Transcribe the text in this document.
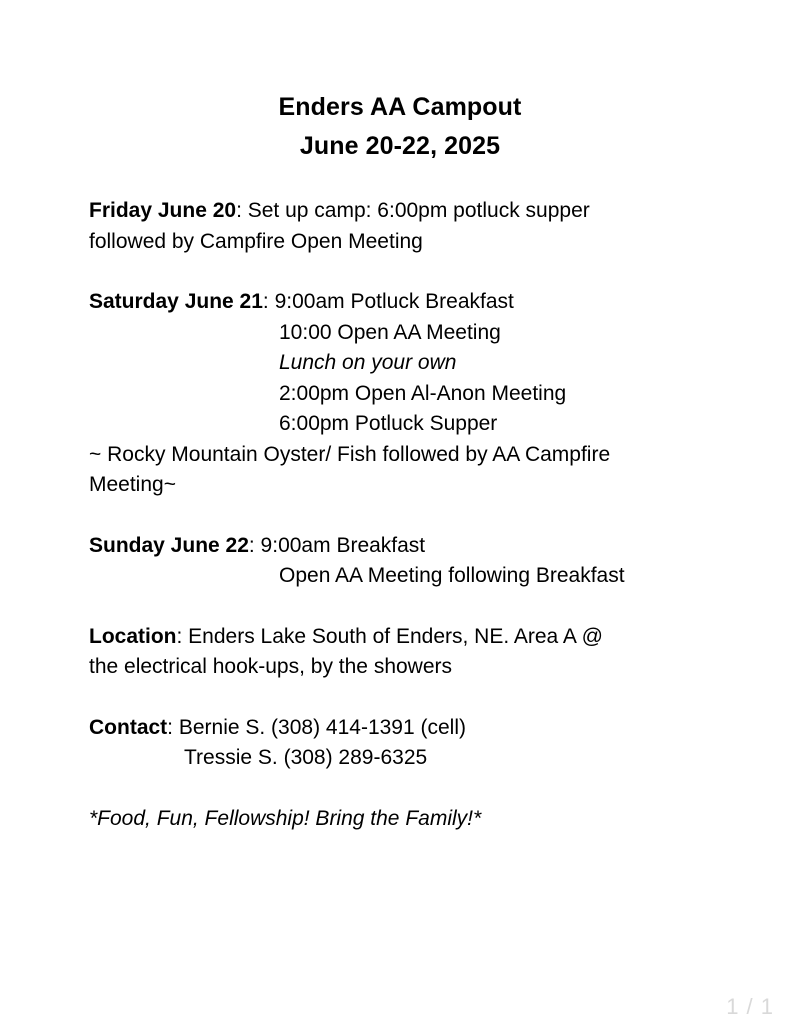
Enders AA Campout
June 20-22, 2025
Friday June 20: Set up camp: 6:00pm potluck supper
followed by Campfire Open Meeting
Saturday June 21: 9:00am Potluck Breakfast
10:00 Open AA Meeting
Lunch on your own
2:00pm Open Al-Anon Meeting
6:00pm Potluck Supper
~ Rocky Mountain Oyster/ Fish followed by AA Campfire
Meeting~
Sunday June 22: 9:00am Breakfast
Open AA Meeting following Breakfast
Location: Enders Lake South of Enders, NE. Area A @
the electrical hook-ups, by the showers
Contact: Bernie S. (308) 414-1391 (cell)
Tressie S. (308) 289-6325
*Food, Fun, Fellowship! Bring the Family!*
1 / 1
